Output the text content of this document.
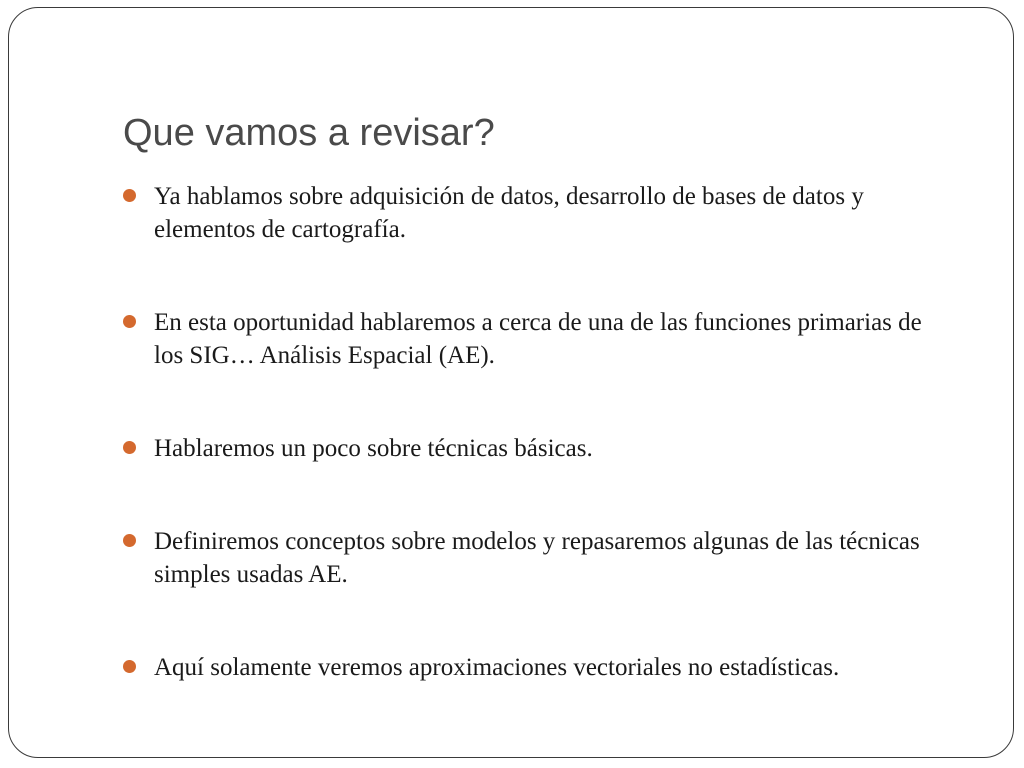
Que vamos a revisar?
Ya hablamos sobre adquisición de datos, desarrollo de bases de datos y elementos de cartografía.
En esta oportunidad hablaremos a cerca de una de las funciones primarias de los SIG… Análisis Espacial (AE).
Hablaremos un poco sobre técnicas básicas.
Definiremos conceptos sobre modelos y repasaremos algunas de las técnicas simples usadas AE.
Aquí solamente veremos aproximaciones vectoriales no estadísticas.
